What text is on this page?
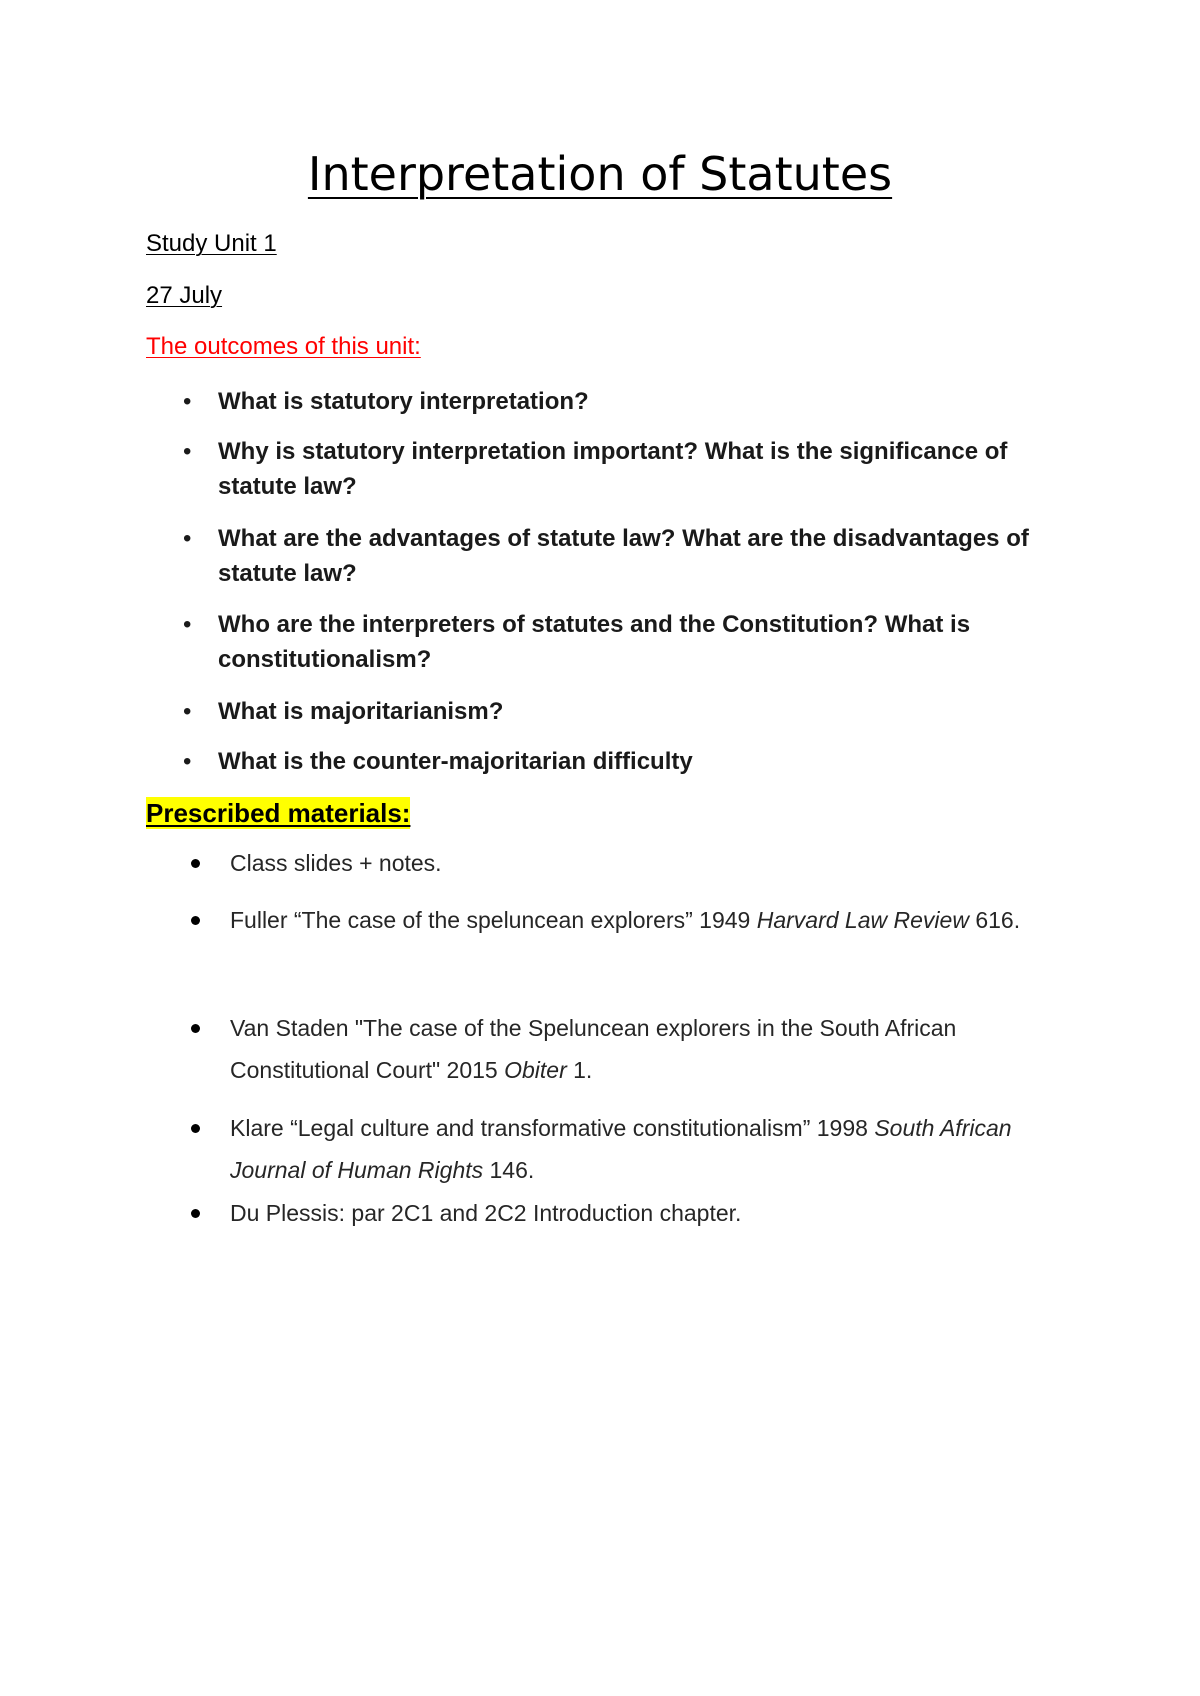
Interpretation of Statutes
Study Unit 1
27 July
The outcomes of this unit:
• What is statutory interpretation?
• Why is statutory interpretation important? What is the significance of statute law?
• What are the advantages of statute law? What are the disadvantages of statute law?
• Who are the interpreters of statutes and the Constitution? What is constitutionalism?
• What is majoritarianism?
• What is the counter-majoritarian difficulty
Prescribed materials:
Class slides + notes.
Fuller “The case of the speluncean explorers” 1949 Harvard Law Review 616.
Van Staden "The case of the Speluncean explorers in the South African Constitutional Court" 2015 Obiter 1.
Klare “Legal culture and transformative constitutionalism” 1998 South African Journal of Human Rights 146.
Du Plessis: par 2C1 and 2C2 Introduction chapter.
